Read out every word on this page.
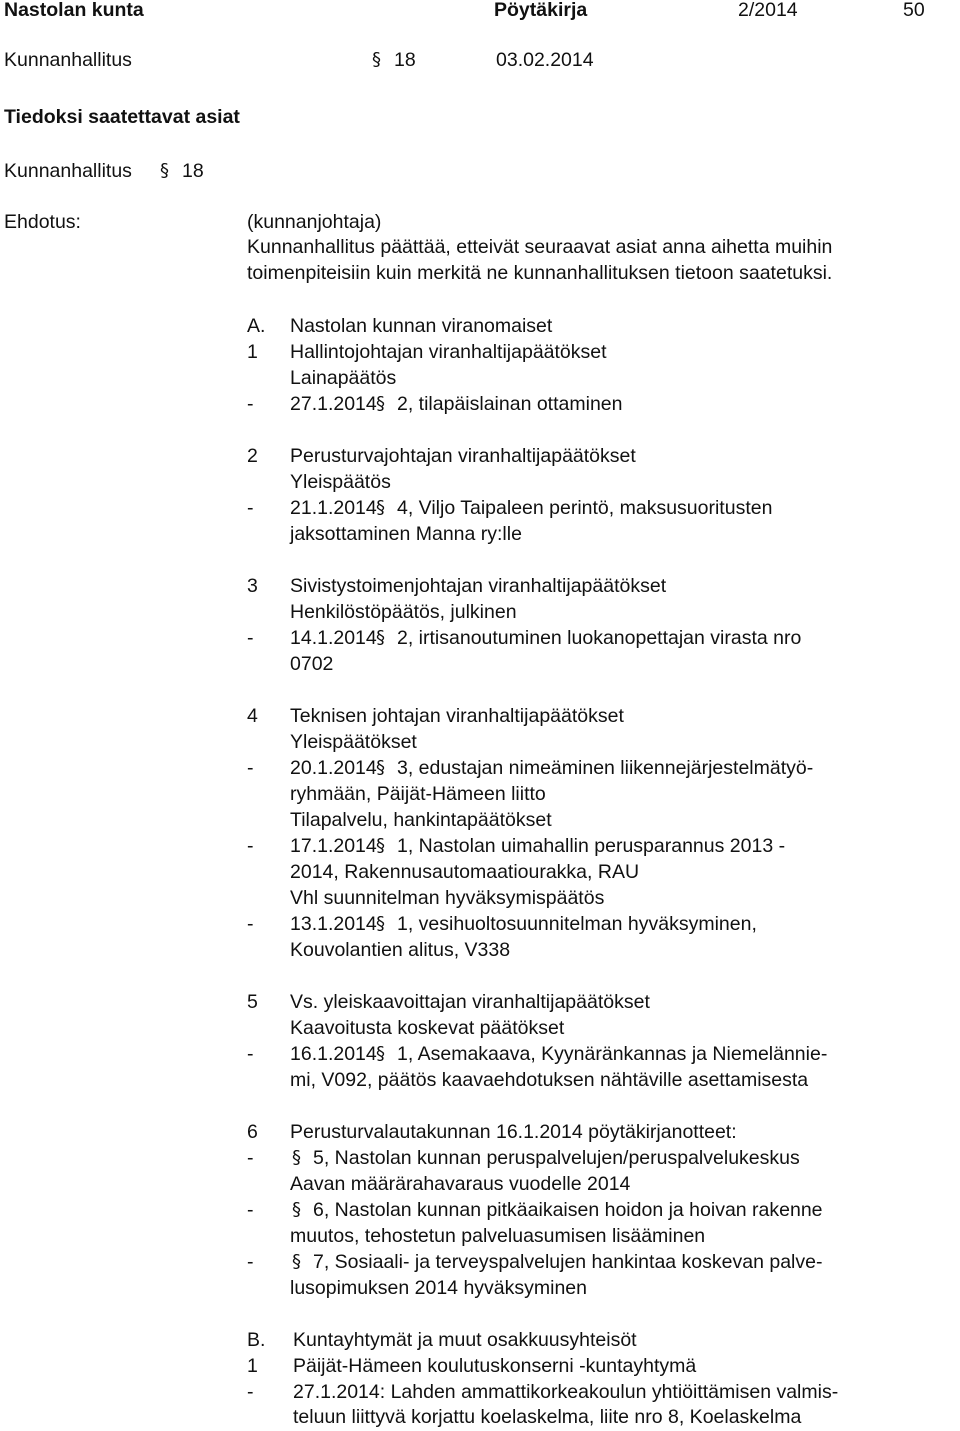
Nastolan kunta	Pöytäkirja	2/2014	50
Kunnanhallitus	§ 18	03.02.2014
Tiedoksi saatettavat asiat
Kunnanhallitus § 18
Ehdotus:	(kunnanjohtaja)
Kunnanhallitus päättää, etteivät seuraavat asiat anna aihetta muihin
toimenpiteisiin kuin merkitä ne kunnanhallituksen tietoon saatetuksi.
A. Nastolan kunnan viranomaiset
1 Hallintojohtajan viranhaltijapäätökset
Lainapäätös
- 27.1.2014 § 2, tilapäislainan ottaminen
2 Perusturvajohtajan viranhaltijapäätökset
Yleispäätös
- 21.1.2014 § 4, Viljo Taipaleen perintö, maksusuoritusten
jaksottaminen Manna ry:lle
3 Sivistystoimenjohtajan viranhaltijapäätökset
Henkilöstöpäätös, julkinen
- 14.1.2014 § 2, irtisanoutuminen luokanopettajan virasta nro
0702
4 Teknisen johtajan viranhaltijapäätökset
Yleispäätökset
- 20.1.2014 § 3, edustajan nimeäminen liikennejärjestelmätyö-
ryhmään, Päijät-Hämeen liitto
Tilapalvelu, hankintapäätökset
- 17.1.2014 § 1, Nastolan uimahallin perusparannus 2013 -
2014, Rakennusautomaatiourakka, RAU
Vhl suunnitelman hyväksymispäätös
- 13.1.2014 § 1, vesihuoltosuunnitelman hyväksyminen,
Kouvolantien alitus, V338
5 Vs. yleiskaavoittajan viranhaltijapäätökset
Kaavoitusta koskevat päätökset
- 16.1.2014 § 1, Asemakaava, Kyynäränkannas ja Niemelännie-
mi, V092, päätös kaavaehdotuksen nähtäville asettamisesta
6 Perusturvalautakunnan 16.1.2014 pöytäkirjanotteet:
- § 5, Nastolan kunnan peruspalvelujen/peruspalvelukeskus
Aavan määrärahavaraus vuodelle 2014
- § 6, Nastolan kunnan pitkäaikaisen hoidon ja hoivan rakenne
muutos, tehostetun palveluasumisen lisääminen
- § 7, Sosiaali- ja terveyspalvelujen hankintaa koskevan palve-
lusopimuksen 2014 hyväksyminen
B. Kuntayhtymät ja muut osakkuusyhteisöt
1 Päijät-Hämeen koulutuskonserni -kuntayhtymä
- 27.1.2014: Lahden ammattikorkeakoulun yhtiöittämisen valmis-
teluun liittyvä korjattu koelaskelma, liite nro 8, Koelaskelma
